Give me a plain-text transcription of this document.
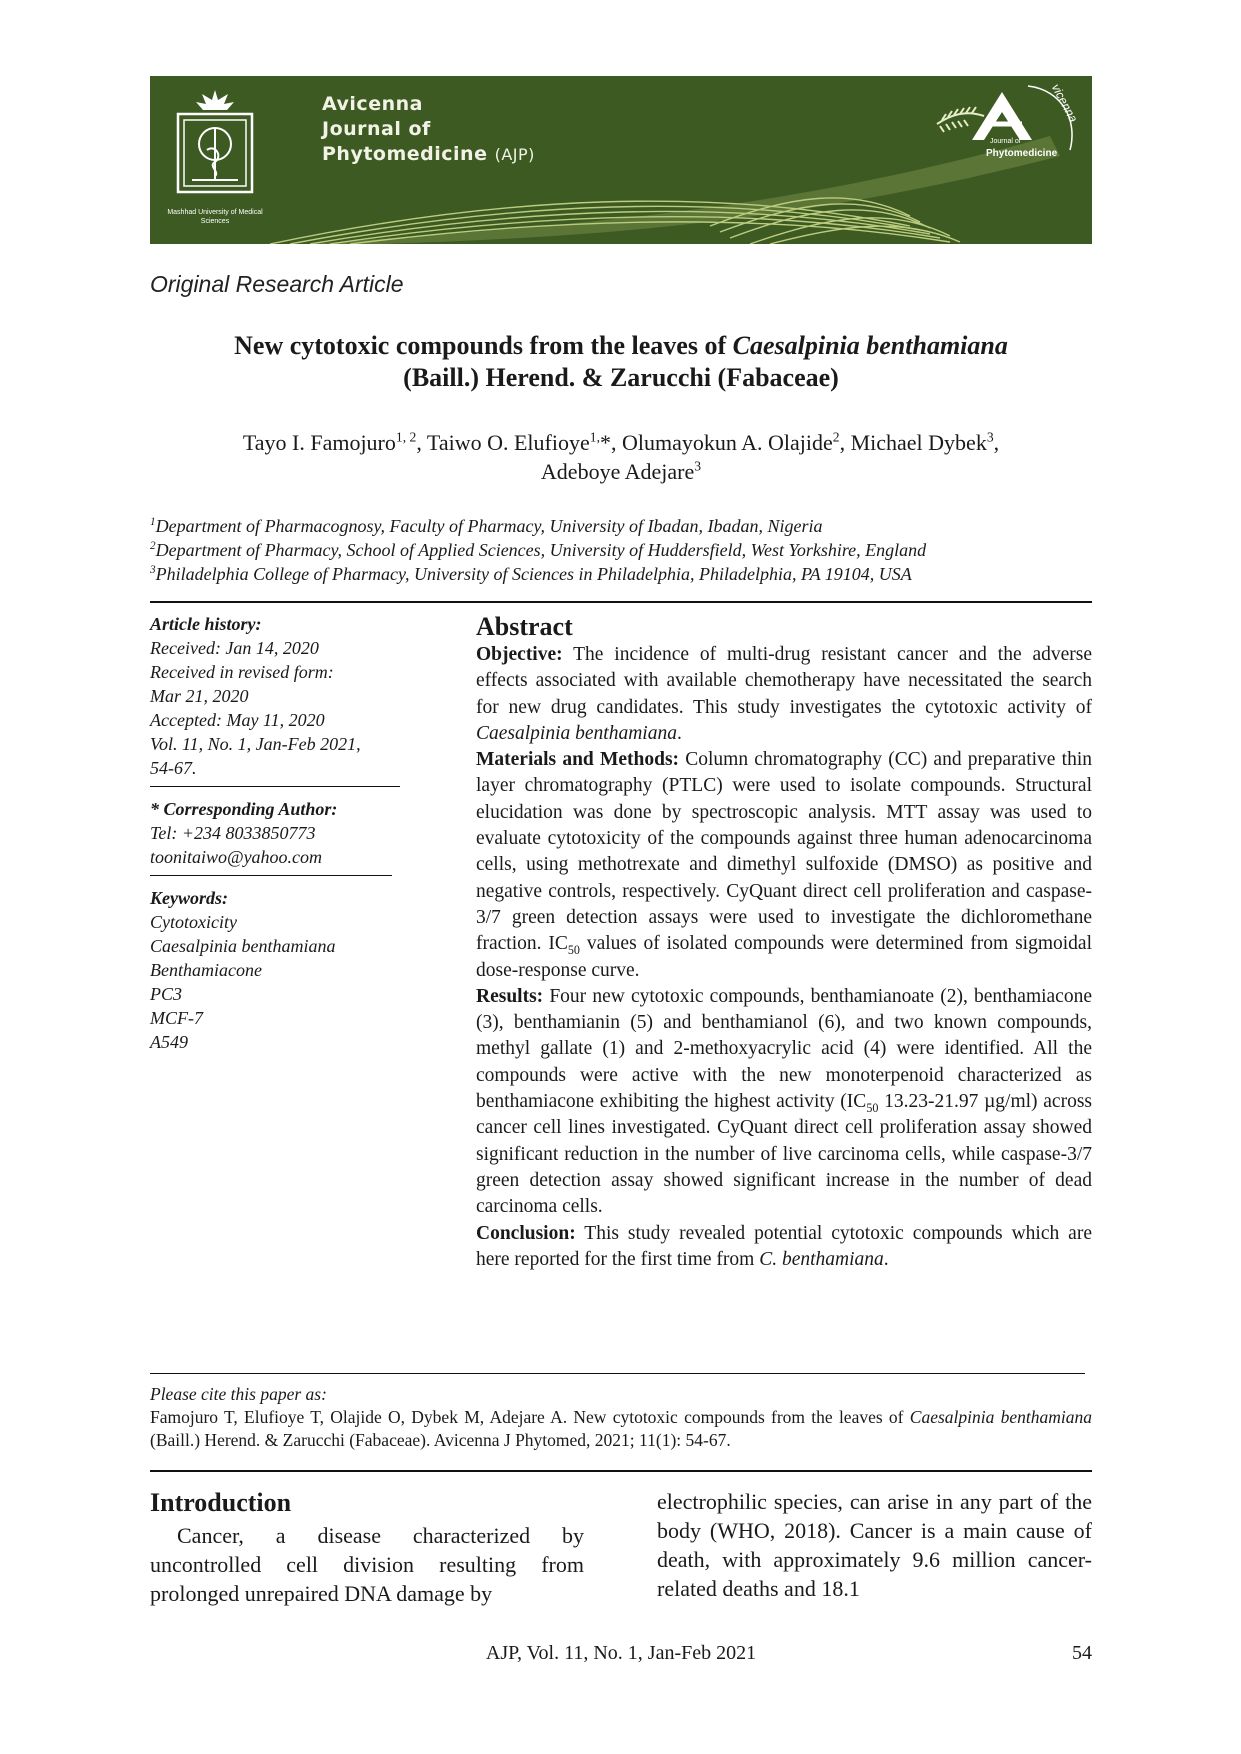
Mashhad University of Medical Sciences
Avicenna
Journal of
Phytomedicine (AJP)
Journal of
Phytomedicine
vicenna
Original Research Article
New cytotoxic compounds from the leaves of Caesalpinia benthamiana
(Baill.) Herend. & Zarucchi (Fabaceae)
Tayo I. Famojuro$^{1, 2}$, Taiwo O. Elufioye$^{1,}$*, Olumayokun A. Olajide$^2$, Michael Dybek$^3$,
Adeboye Adejare$^3$
$^1$Department of Pharmacognosy, Faculty of Pharmacy, University of Ibadan, Ibadan, Nigeria
$^2$Department of Pharmacy, School of Applied Sciences, University of Huddersfield, West Yorkshire, England
$^3$Philadelphia College of Pharmacy, University of Sciences in Philadelphia, Philadelphia, PA 19104, USA
Article history:
Received: Jan 14, 2020
Received in revised form:
Mar 21, 2020
Accepted: May 11, 2020
Vol. 11, No. 1, Jan-Feb 2021,
54-67.
* Corresponding Author:
Tel: +234 8033850773
toonitaiwo@yahoo.com
Keywords:
Cytotoxicity
Caesalpinia benthamiana
Benthamiacone
PC3
MCF-7
A549
Abstract

Objective: The incidence of multi-drug resistant cancer and the adverse effects associated with available chemotherapy have necessitated the search for new drug candidates. This study investigates the cytotoxic activity of Caesalpinia benthamiana.

Materials and Methods: Column chromatography (CC) and preparative thin layer chromatography (PTLC) were used to isolate compounds. Structural elucidation was done by spectroscopic analysis. MTT assay was used to evaluate cytotoxicity of the compounds against three human adenocarcinoma cells, using methotrexate and dimethyl sulfoxide (DMSO) as positive and negative controls, respectively. CyQuant direct cell proliferation and caspase-3/7 green detection assays were used to investigate the dichloromethane fraction. $IC_{50}$ values of isolated compounds were determined from sigmoidal dose-response curve.

Results: Four new cytotoxic compounds, benthamianoate (2), benthamiacone (3), benthamianin (5) and benthamianol (6), and two known compounds, methyl gallate (1) and 2-methoxyacrylic acid (4) were identified. All the compounds were active with the new monoterpenoid characterized as benthamiacone exhibiting the highest activity ($IC_{50}$ 13.23-21.97 µg/ml) across cancer cell lines investigated. CyQuant direct cell proliferation assay showed significant reduction in the number of live carcinoma cells, while caspase-3/7 green detection assay showed significant increase in the number of dead carcinoma cells.

Conclusion: This study revealed potential cytotoxic compounds which are here reported for the first time from C. benthamiana.

Please cite this paper as:
Famojuro T, Elufioye T, Olajide O, Dybek M, Adejare A. New cytotoxic compounds from the leaves of Caesalpinia benthamiana (Baill.) Herend. & Zarucchi (Fabaceae). Avicenna J Phytomed, 2021; 11(1): 54-67.
Introduction

Cancer, a disease characterized by uncontrolled cell division resulting from prolonged unrepaired DNA damage by

electrophilic species, can arise in any part of the body (WHO, 2018). Cancer is a main cause of death, with approximately 9.6 million cancer-related deaths and 18.1

AJP, Vol. 11, No. 1, Jan-Feb 2021	54
